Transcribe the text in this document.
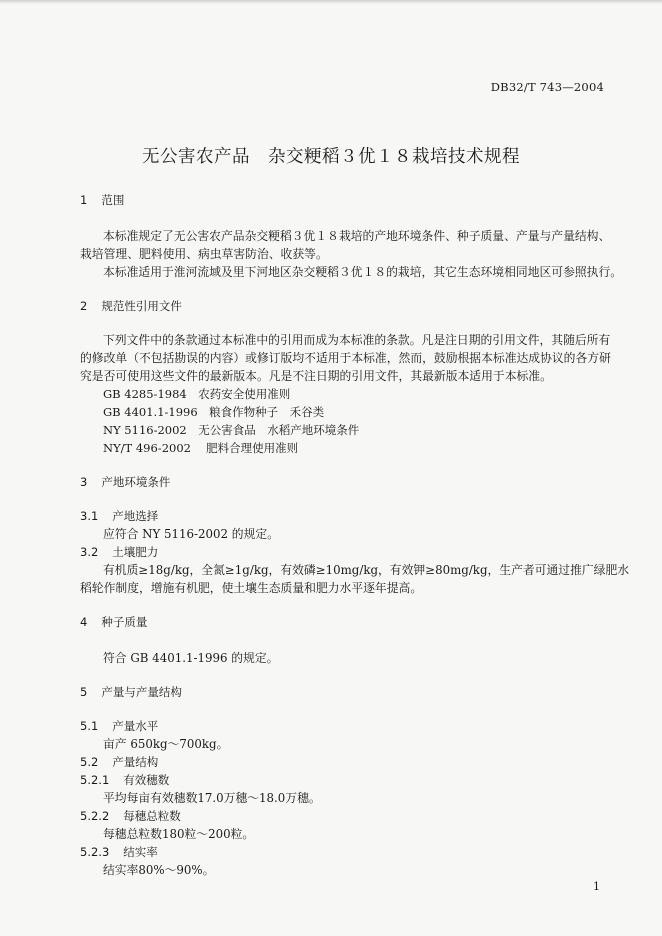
DB32/T 743—2004
无公害农产品　杂交粳稻３优１８栽培技术规程
1 范围
本标准规定了无公害农产品杂交粳稻３优１８栽培的产地环境条件、种子质量、产量与产量结构、
栽培管理、肥料使用、病虫草害防治、收获等。
本标准适用于淮河流域及里下河地区杂交粳稻３优１８的栽培，其它生态环境相同地区可参照执行。
2 规范性引用文件
下列文件中的条款通过本标准中的引用而成为本标准的条款。凡是注日期的引用文件，其随后所有
的修改单（不包括勘误的内容）或修订版均不适用于本标准，然而，鼓励根据本标准达成协议的各方研
究是否可使用这些文件的最新版本。凡是不注日期的引用文件，其最新版本适用于本标准。
GB 4285-1984　农药安全使用准则
GB 4401.1-1996　粮食作物种子　禾谷类
NY 5116-2002　无公害食品　水稻产地环境条件
NY/T 496-2002　 肥料合理使用准则
3 产地环境条件
3.1 产地选择
应符合 NY 5116-2002 的规定。
3.2 土壤肥力
有机质≥18g/kg，全氮≥1g/kg，有效磷≥10mg/kg，有效钾≥80mg/kg，生产者可通过推广绿肥水
稻轮作制度，增施有机肥，使土壤生态质量和肥力水平逐年提高。
4 种子质量
符合 GB 4401.1-1996 的规定。
5 产量与产量结构
5.1 产量水平
亩产 650kg～700kg。
5.2 产量结构
5.2.1 有效穗数
平均每亩有效穗数17.0万穗～18.0万穗。
5.2.2 每穗总粒数
每穗总粒数180粒～200粒。
5.2.3 结实率
结实率80%～90%。
1
